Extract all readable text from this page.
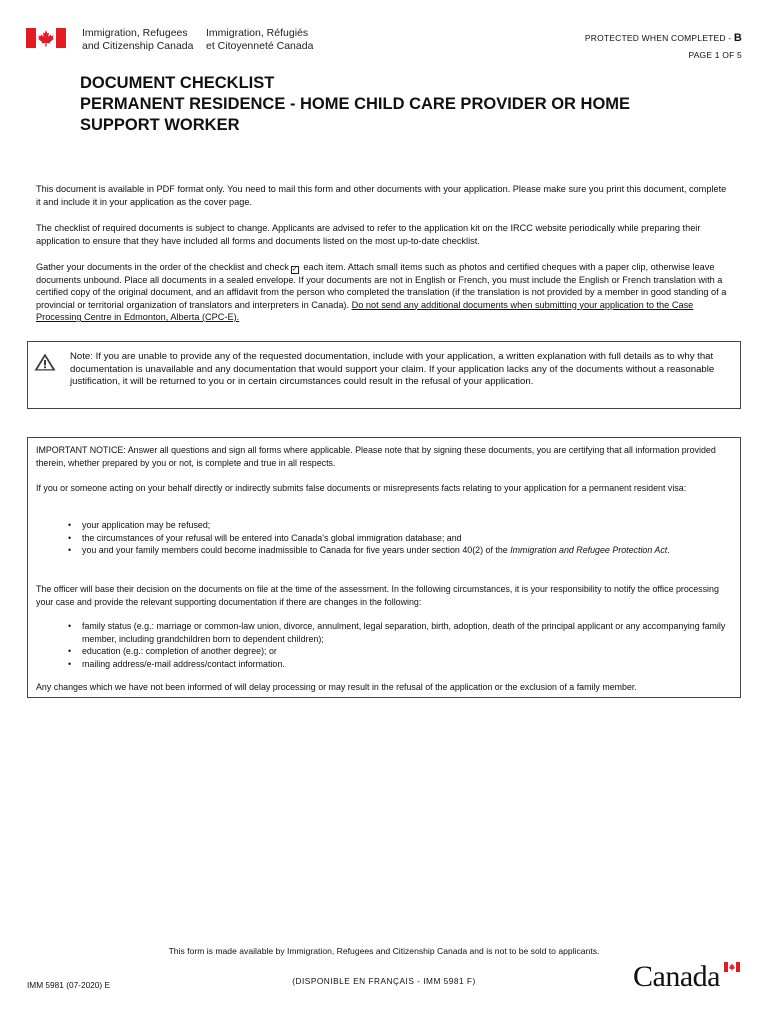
Immigration, Refugees
and Citizenship Canada
Immigration, Réfugiés
et Citoyenneté Canada
PROTECTED WHEN COMPLETED - B
PAGE 1 OF 5
DOCUMENT CHECKLIST
PERMANENT RESIDENCE - HOME CHILD CARE PROVIDER OR HOME
SUPPORT WORKER
This document is available in PDF format only. You need to mail this form and other documents with your application. Please make sure you print this document, complete it and include it in your application as the cover page.
The checklist of required documents is subject to change. Applicants are advised to refer to the application kit on the IRCC website periodically while preparing their application to ensure that they have included all forms and documents listed on the most up-to-date checklist.
Gather your documents in the order of the checklist and check ✓ each item. Attach small items such as photos and certified cheques with a paper clip, otherwise leave documents unbound. Place all documents in a sealed envelope. If your documents are not in English or French, you must include the English or French translation with a certified copy of the original document, and an affidavit from the person who completed the translation (if the translation is not provided by a member in good standing of a provincial or territorial organization of translators and interpreters in Canada). Do not send any additional documents when submitting your application to the Case Processing Centre in Edmonton, Alberta (CPC-E).
Note: If you are unable to provide any of the requested documentation, include with your application, a written explanation with full details as to why that documentation is unavailable and any documentation that would support your claim. If your application lacks any of the documents without a reasonable justification, it will be returned to you or in certain circumstances could result in the refusal of your application.
IMPORTANT NOTICE: Answer all questions and sign all forms where applicable. Please note that by signing these documents, you are certifying that all information provided therein, whether prepared by you or not, is complete and true in all respects.
If you or someone acting on your behalf directly or indirectly submits false documents or misrepresents facts relating to your application for a permanent resident visa:
• your application may be refused;
• the circumstances of your refusal will be entered into Canada's global immigration database; and
• you and your family members could become inadmissible to Canada for five years under section 40(2) of the Immigration and Refugee Protection Act.
The officer will base their decision on the documents on file at the time of the assessment. In the following circumstances, it is your responsibility to notify the office processing your case and provide the relevant supporting documentation if there are changes in the following:
• family status (e.g.: marriage or common-law union, divorce, annulment, legal separation, birth, adoption, death of the principal applicant or any accompanying family member, including grandchildren born to dependent children);
• education (e.g.: completion of another degree); or
• mailing address/e-mail address/contact information.
Any changes which we have not been informed of will delay processing or may result in the refusal of the application or the exclusion of a family member.
This form is made available by Immigration, Refugees and Citizenship Canada and is not to be sold to applicants.
(DISPONIBLE EN FRANÇAIS - IMM 5981 F)
IMM 5981 (07-2020) E	Canada
